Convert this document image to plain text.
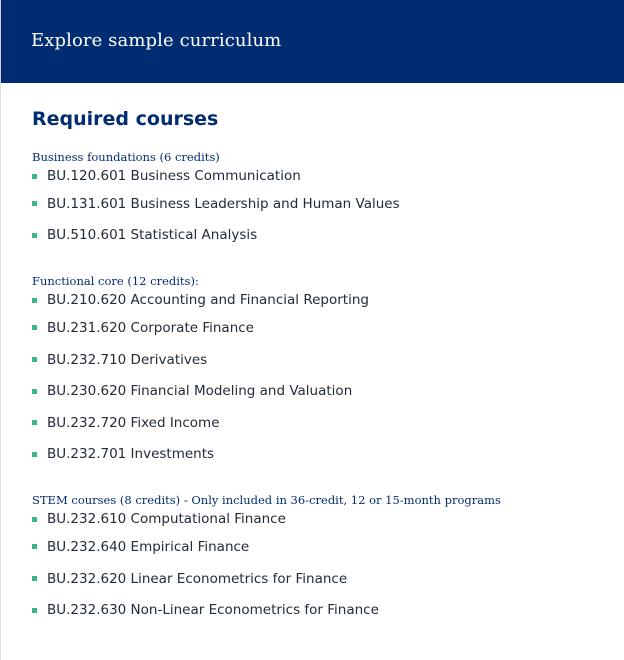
Explore sample curriculum
Required courses

Business foundations (6 credits)

BU.120.601 Business Communication
BU.131.601 Business Leadership and Human Values
BU.510.601 Statistical Analysis

Functional core (12 credits):

BU.210.620 Accounting and Financial Reporting
BU.231.620 Corporate Finance
BU.232.710 Derivatives
BU.230.620 Financial Modeling and Valuation
BU.232.720 Fixed Income
BU.232.701 Investments

STEM courses (8 credits) - Only included in 36-credit, 12 or 15-month programs

BU.232.610 Computational Finance
BU.232.640 Empirical Finance
BU.232.620 Linear Econometrics for Finance
BU.232.630 Non-Linear Econometrics for Finance
